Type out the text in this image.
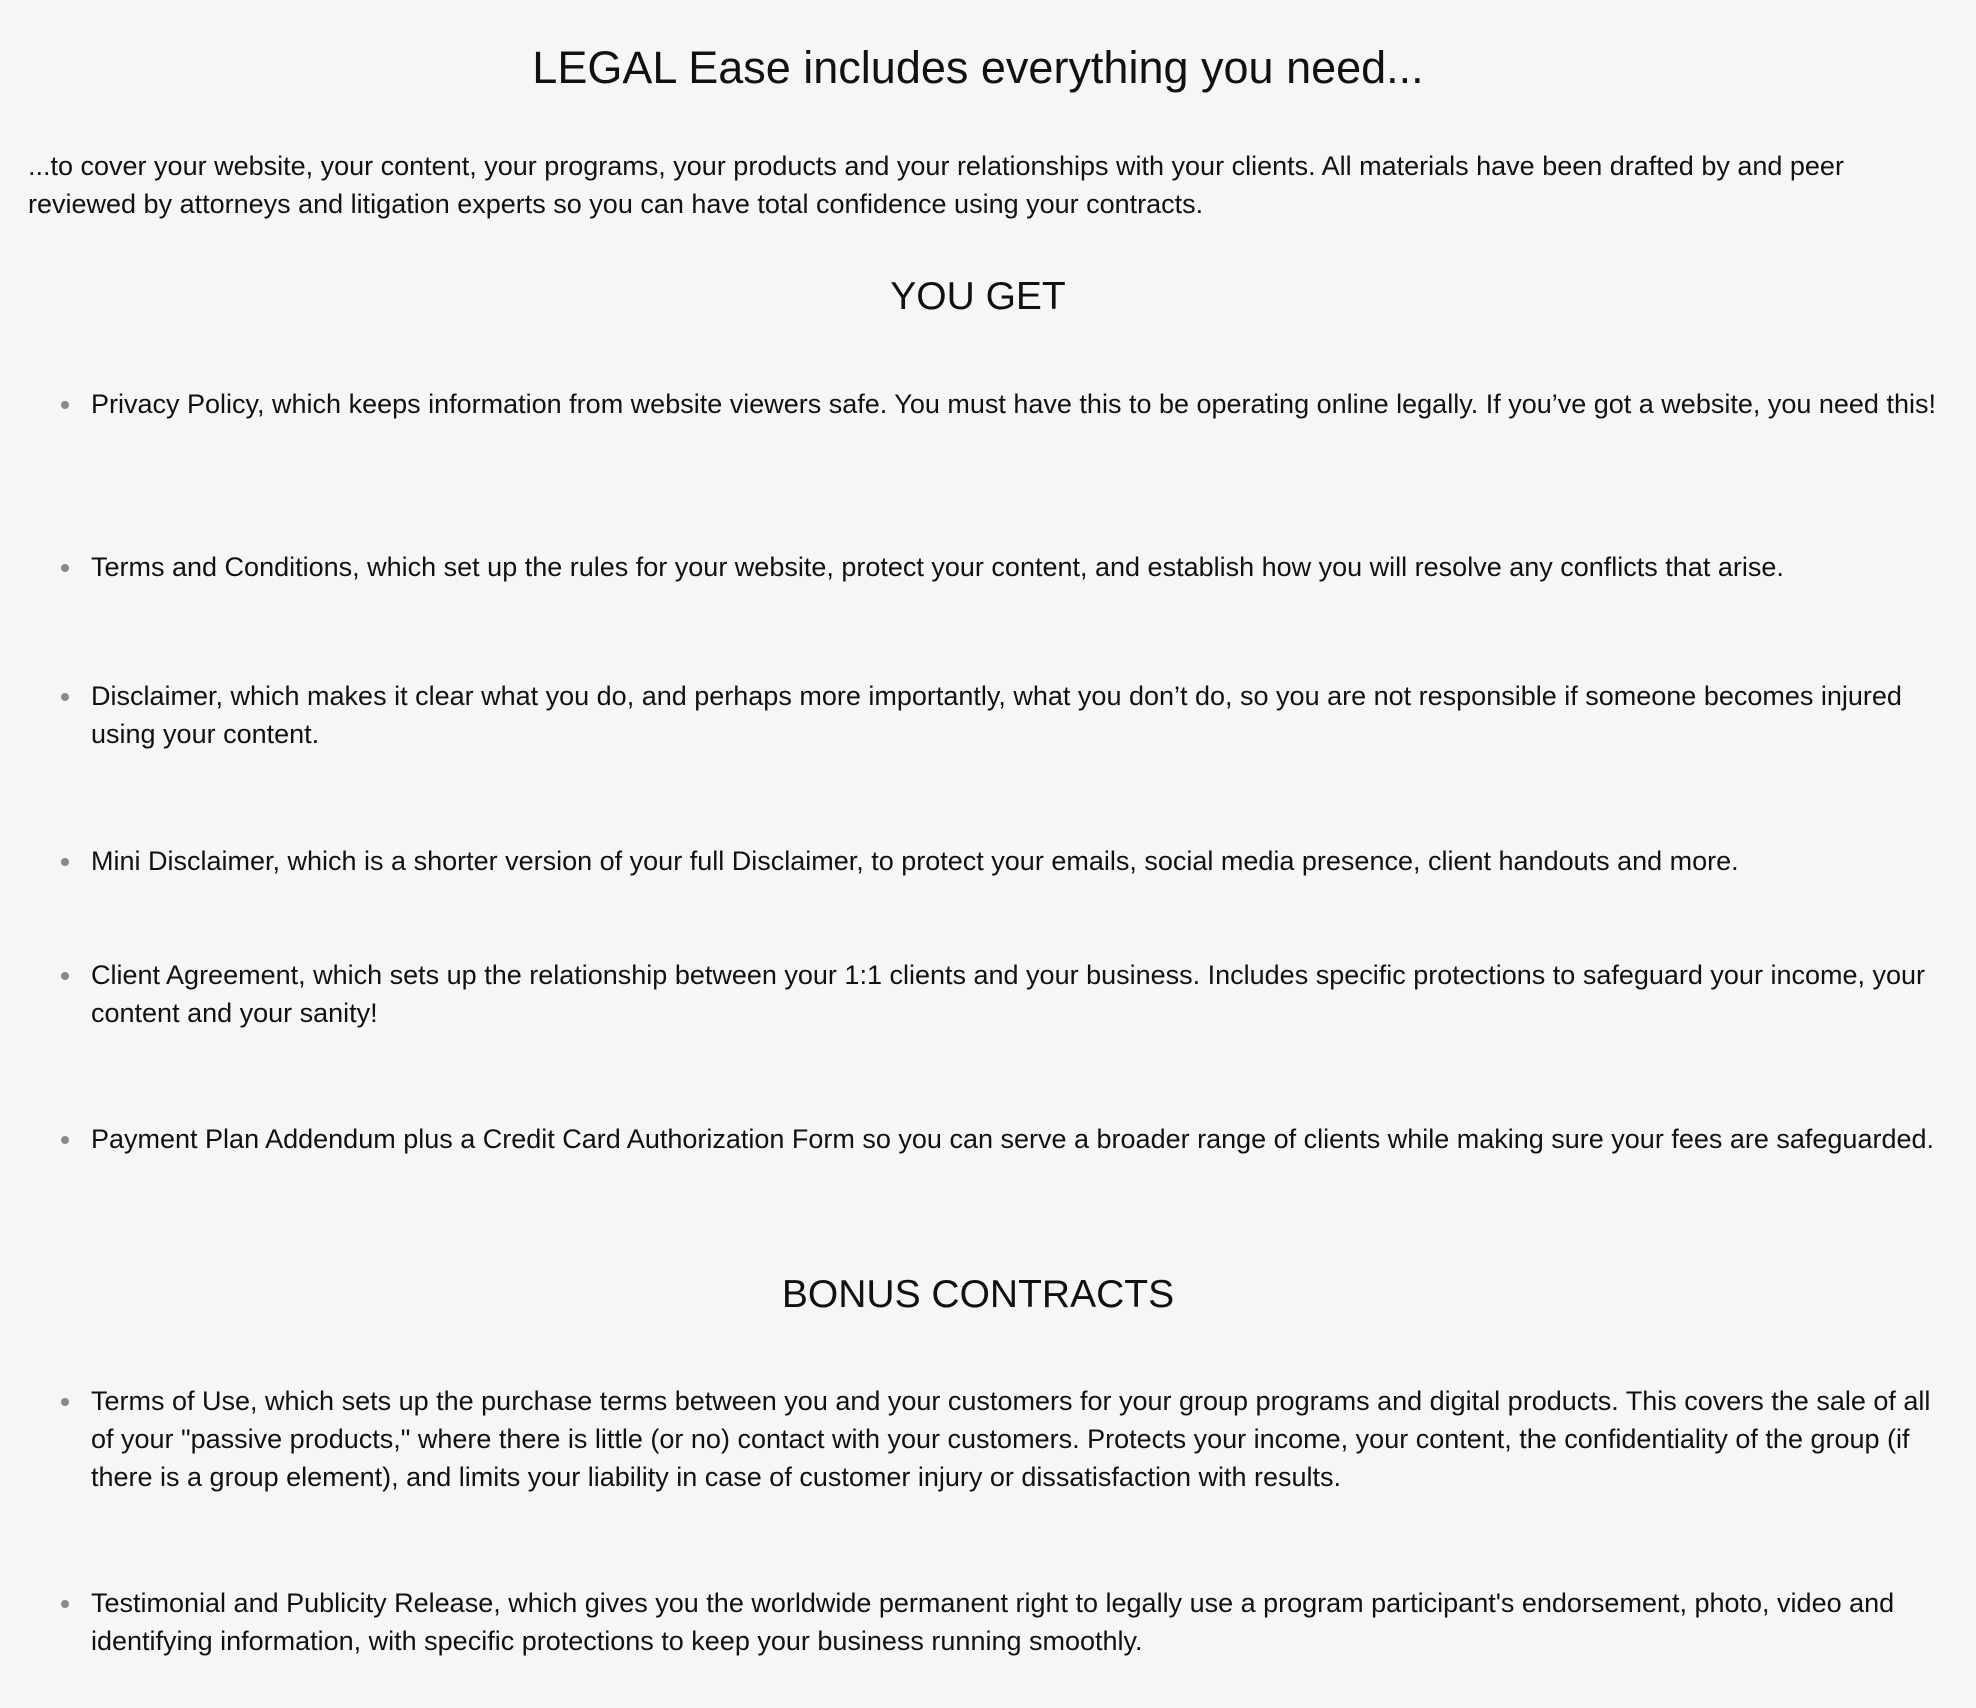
LEGAL Ease includes everything you need...

...to cover your website, your content, your programs, your products and your relationships with your clients. All materials have been drafted by and peer reviewed by attorneys and litigation experts so you can have total confidence using your contracts.

YOU GET

Privacy Policy, which keeps information from website viewers safe. You must have this to be operating online legally. If you’ve got a website, you need this!

Terms and Conditions, which set up the rules for your website, protect your content, and establish how you will resolve any conflicts that arise.

Disclaimer, which makes it clear what you do, and perhaps more importantly, what you don’t do, so you are not responsible if someone becomes injured using your content.

Mini Disclaimer, which is a shorter version of your full Disclaimer, to protect your emails, social media presence, client handouts and more.

Client Agreement, which sets up the relationship between your 1:1 clients and your business. Includes specific protections to safeguard your income, your content and your sanity!

Payment Plan Addendum plus a Credit Card Authorization Form so you can serve a broader range of clients while making sure your fees are safeguarded.

BONUS CONTRACTS

Terms of Use, which sets up the purchase terms between you and your customers for your group programs and digital products. This covers the sale of all of your "passive products," where there is little (or no) contact with your customers. Protects your income, your content, the confidentiality of the group (if there is a group element), and limits your liability in case of customer injury or dissatisfaction with results.

Testimonial and Publicity Release, which gives you the worldwide permanent right to legally use a program participant's endorsement, photo, video and identifying information, with specific protections to keep your business running smoothly.
